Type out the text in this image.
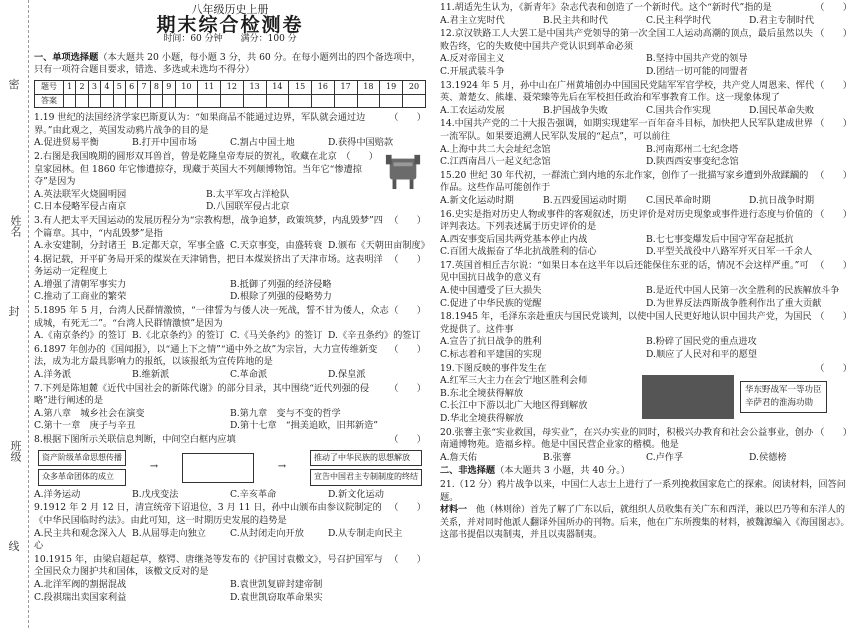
密
姓名
封
班级
线
八年级历史上册
期末综合检测卷
时间：60 分钟　　满分：100 分
一、单项选择题（本大题共 20 小题，每小题 3 分，共 60 分。在每小题列出的四个备选项中，只有一项符合题目要求，错选、多选或未选均不得分）
题号	1	2	3	4	5	6	7	8	9	10	11	12	13	14	15	16	17	18	19	20
答案																				
（　　）
1.19 世纪的法国经济学家巴斯夏认为：“如果商品不能通过边界，军队就会通过边界。”由此观之，英国发动鸦片战争的目的是
A.促进贸易平衡	B.打开中国市场	C.割占中国土地	D.获得中国赔款
（　　）
2.右图是我国晚期的圆形双耳兽首，曾是乾隆皇帝寿辰的贺礼，收藏在北京皇家园林。但 1860 年它惨遭掠夺，现藏于英国大不列颠博物馆。当年它“惨遭掠夺”是因为
A.英法联军火烧圆明园	B.太平军攻占洋枪队
C.日本侵略军侵占南京	D.八国联军侵占北京
（　　）
3.有人把太平天国运动的发展历程分为“宗教构想，战争追梦，政策筑梦，内乱毁梦”四个篇章。其中，“内乱毁梦”是指
A.永安建制，分封诸王 B.定都天京，军事全盛 C.天京事变，由盛转衰 D.颁布《天朝田亩制度》
（　　）
4.据记载，开平矿务局开采的煤炭在天津销售，把日本煤炭挤出了天津市场。这表明洋务运动一定程度上
A.增强了清朝军事实力	B.抵御了列强的经济侵略
C.推动了工商业的繁荣	D.根除了列强的侵略势力
（　　）
5.1895 年 5 月，台湾人民群情激愤，“一律誓为与倭人决一死战，誓不甘为倭人，众志成城，有死无二”。“台湾人民群情激愤”是因为
A.《南京条约》的签订 B.《北京条约》的签订 C.《马关条约》的签订 D.《辛丑条约》的签订
（　　）
6.1897 年创办的《国闻报》，以“通上下之情”“通中外之故”为宗旨，大力宣传维新变法，成为北方最具影响力的报纸，以该报纸为宣传阵地的是
A.洋务派	B.维新派	C.革命派	D.保皇派
（　　）
7.下列是陈旭麓《近代中国社会的新陈代谢》的部分目录，其中围绕“近代列强的侵略”进行阐述的是
A.第八章　城乡社会在演变	B.第九章　变与不变的哲学
C.第十一章　庚子与辛丑	D.第十七章　“揖美追欧，旧邦新造”
（　　）
8.根据下图所示关联信息判断，中间空白框内应填
资产阶级革命思想传播
众多革命团体的成立
→	→
推动了中华民族的思想解放
宣告中国君主专制制度的终结
A.洋务运动	B.戊戌变法	C.辛亥革命	D.新文化运动
（　　）
9.1912 年 2 月 12 日，清宣统帝下诏退位，3 月 11 日，孙中山颁布由参议院制定的《中华民国临时约法》。由此可知，这一时期历史发展的趋势是
A.民主共和观念深入人心
B.从屈辱走向独立	C.从封闭走向开放	D.从专制走向民主
（　　）
10.1915 年，由梁启超起草，蔡锷、唐继尧等发布的《护国讨袁檄文》，号召护国军与全国民众力图护共和国体，该檄文反对的是
A.北洋军阀的割据混战	B.袁世凯复辟封建帝制
C.段祺瑞出卖国家利益	D.袁世凯窃取革命果实
（　　）
11.胡适先生认为，《新青年》杂志代表和创造了一个新时代。这个“新时代”指的是
A.君主立宪时代	B.民主共和时代	C.民主科学时代	D.君主专制时代
（　　）
12.京汉铁路工人大罢工是中国共产党领导的第一次全国工人运动高潮的顶点，最后虽然以失败告终，它的失败使中国共产党认识到革命必须
A.反对帝国主义	B.坚持中国共产党的领导
C.开展武装斗争	D.团结一切可能的同盟者
（　　）
13.1924 年 5 月，孙中山在广州黄埔创办中国国民党陆军军官学校，共产党人周恩来、恽代英、萧楚女、熊雄、聂荣臻等先后在军校担任政治和军事教育工作。这一现象体现了
A.工农运动发展	B.护国战争失败	C.国共合作实现	D.国民革命失败
（　　）
14.中国共产党的二十大报告强调，如期实现建军一百年奋斗目标，加快把人民军队建成世界一流军队。如果要追溯人民军队发展的“起点”，可以前往
A.上海中共二大会址纪念馆	B.河南郑州二七纪念塔
C.江西南昌八一起义纪念馆	D.陕西西安事变纪念馆
（　　）
15.20 世纪 30 年代初，一群流亡到内地的东北作家，创作了一批描写家乡遭到外敌蹂躏的作品。这些作品可能创作于
A.新文化运动时期	B.五四爱国运动时期	C.国民革命时期	D.抗日战争时期
（　　）
16.史实是指对历史人物或事件的客观叙述，历史评价是对历史现象或事件进行态度与价值的评判表达。下列表述属于历史评价的是
A.西安事变后国共两党基本停止内战	B.七七事变爆发后中国守军奋起抵抗
C.百团大战振奋了华北抗战胜利的信心	D.平型关战役中八路军歼灭日军一千余人
（　　）
17.英国首相丘吉尔说：“如果日本在这半年以后还能保住东亚的话，情况不会这样严重。”可见中国抗日战争的意义有
A.使中国遭受了巨大损失	B.是近代中国人民第一次全胜利的民族解放斗争
C.促进了中华民族的觉醒	D.为世界反法西斯战争胜利作出了重大贡献
（　　）
18.1945 年，毛泽东亲赴重庆与国民党谈判，以使中国人民更好地认识中国共产党，为国民党提供了。这件事
A.宣告了抗日战争的胜利	B.粉碎了国民党的重点进攻
C.标志着和平建国的实现	D.顺应了人民对和平的愿望
（　　）
19.下图反映的事件发生在
华东野战军一等功臣
辛萨君的淮海功勋
A.红军三大主力在会宁地区胜利会师
B.东北全境获得解放
C.长江中下游以北广大地区得到解放
D.华北全境获得解放
（　　）
20.张謇主张“实业救国，母实业”，在兴办实业的同时，积极兴办教育和社会公益事业，创办南通博物苑。造福乡梓。他是中国民营企业家的楷模。他是
A.詹天佑	B.张謇	C.卢作孚	D.侯德榜
二、非选择题（本大题共 3 小题，共 40 分。）
21.（12 分）鸦片战争以来，中国仁人志士上进行了一系列挽救国家危亡的探索。阅读材料，回答问题。
材料一　 他（林则徐）首先了解了广东以后，就组织人员收集有关广东和西洋，兼以巴乃等和东洋人的关系，并对同时他派人翻译外国所办的刊物。后来，他在广东所搜集的材料，被魏源编入《海国图志》。这部书提倡以夷制夷，并且以夷器制夷。
